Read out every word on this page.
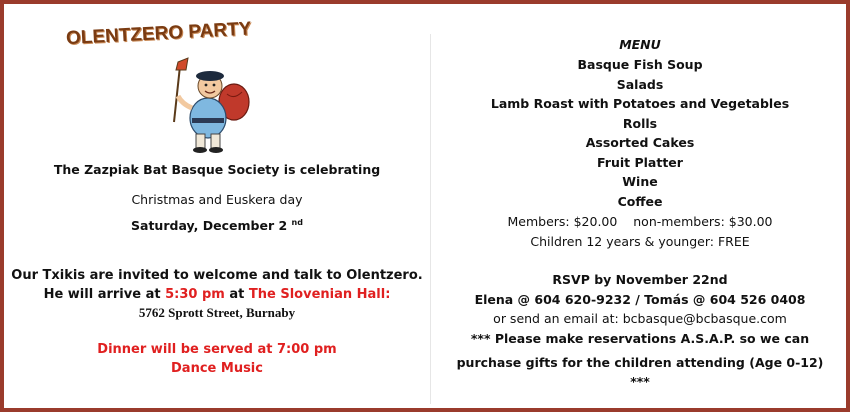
OLENTZERO PARTY
The Zazpiak Bat Basque Society is celebrating
Christmas and Euskera day
Saturday, December 2 $^{nd}$
Our Txikis are invited to welcome and talk to Olentzero.
He will arrive at 5:30 pm at The Slovenian Hall:
5762 Sprott Street, Burnaby
Dinner will be served at 7:00 pm
Dance Music
MENU
Basque Fish Soup
Salads
Lamb Roast with Potatoes and Vegetables
Rolls
Assorted Cakes
Fruit Platter
Wine
Coffee
Members: $20.00 non-members: $30.00
Children 12 years & younger: FREE
RSVP by November 22nd
Elena @ 604 620-9232 / Tomás @ 604 526 0408
or send an email at: bcbasque@bcbasque.com
*** Please make reservations A.S.A.P. so we can
purchase gifts for the children attending (Age 0-12)
***
